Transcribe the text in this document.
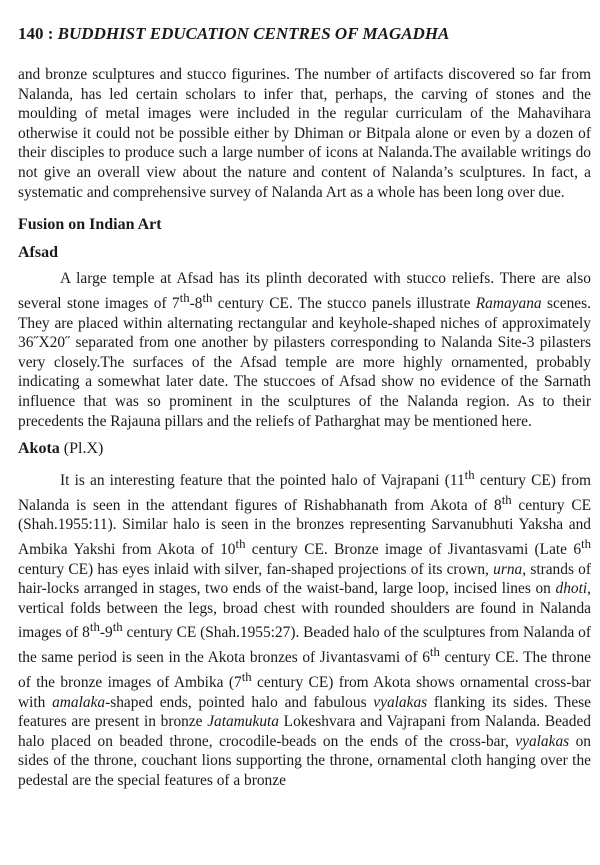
140 : BUDDHIST EDUCATION CENTRES OF MAGADHA

and bronze sculptures and stucco figurines. The number of artifacts discovered so far from Nalanda, has led certain scholars to infer that, perhaps, the carving of stones and the moulding of metal images were included in the regular curriculam of the Mahavihara otherwise it could not be possible either by Dhiman or Bitpala alone or even by a dozen of their disciples to produce such a large number of icons at Nalanda.The available writings do not give an overall view about the nature and content of Nalanda’s sculptures. In fact, a systematic and comprehensive survey of Nalanda Art as a whole has been long over due.

Fusion on Indian Art

Afsad

A large temple at Afsad has its plinth decorated with stucco reliefs. There are also several stone images of 7th-8th century CE. The stucco panels illustrate Ramayana scenes. They are placed within alternating rectangular and keyhole-shaped niches of approximately 36˝X20˝ separated from one another by pilasters corresponding to Nalanda Site-3 pilasters very closely.The surfaces of the Afsad temple are more highly ornamented, probably indicating a somewhat later date. The stuccoes of Afsad show no evidence of the Sarnath influence that was so prominent in the sculptures of the Nalanda region. As to their precedents the Rajauna pillars and the reliefs of Patharghat may be mentioned here.

Akota (Pl.X)

It is an interesting feature that the pointed halo of Vajrapani (11th century CE) from Nalanda is seen in the attendant figures of Rishabhanath from Akota of 8th century CE (Shah.1955:11). Similar halo is seen in the bronzes representing Sarvanubhuti Yaksha and Ambika Yakshi from Akota of 10th century CE. Bronze image of Jivantasvami (Late 6th century CE) has eyes inlaid with silver, fan-shaped projections of its crown, urna, strands of hair-locks arranged in stages, two ends of the waist-band, large loop, incised lines on dhoti, vertical folds between the legs, broad chest with rounded shoulders are found in Nalanda images of 8th-9th century CE (Shah.1955:27). Beaded halo of the sculptures from Nalanda of the same period is seen in the Akota bronzes of Jivantasvami of 6th century CE. The throne of the bronze images of Ambika (7th century CE) from Akota shows ornamental cross-bar with amalaka-shaped ends, pointed halo and fabulous vyalakas flanking its sides. These features are present in bronze Jatamukuta Lokeshvara and Vajrapani from Nalanda. Beaded halo placed on beaded throne, crocodile-beads on the ends of the cross-bar, vyalakas on sides of the throne, couchant lions supporting the throne, ornamental cloth hanging over the pedestal are the special features of a bronze
